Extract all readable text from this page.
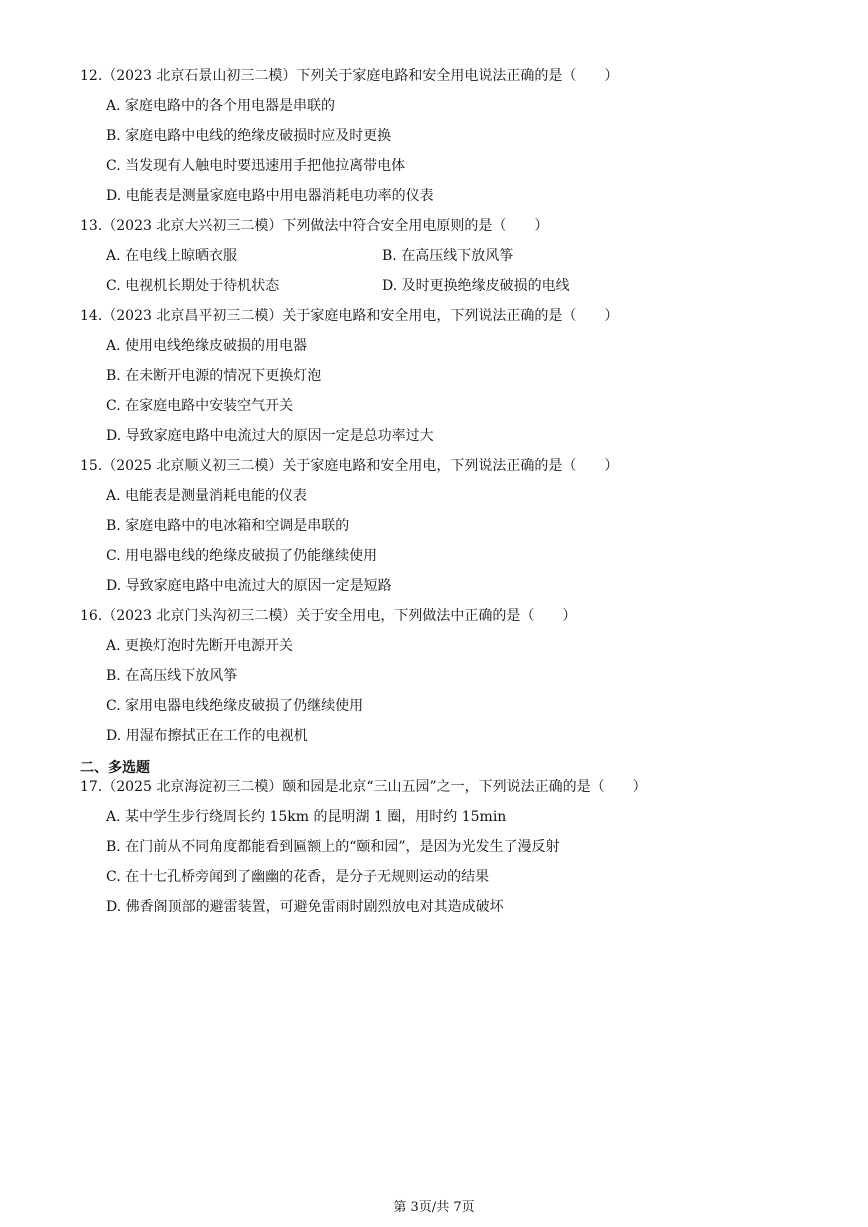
12.（2023 北京石景山初三二模）下列关于家庭电路和安全用电说法正确的是（　　）
A. 家庭电路中的各个用电器是串联的
B. 家庭电路中电线的绝缘皮破损时应及时更换
C. 当发现有人触电时要迅速用手把他拉离带电体
D. 电能表是测量家庭电路中用电器消耗电功率的仪表
13.（2023 北京大兴初三二模）下列做法中符合安全用电原则的是（　　）
A. 在电线上晾晒衣服	B. 在高压线下放风筝
C. 电视机长期处于待机状态	D. 及时更换绝缘皮破损的电线
14.（2023 北京昌平初三二模）关于家庭电路和安全用电，下列说法正确的是（　　）
A. 使用电线绝缘皮破损的用电器
B. 在未断开电源的情况下更换灯泡
C. 在家庭电路中安装空气开关
D. 导致家庭电路中电流过大的原因一定是总功率过大
15.（2025 北京顺义初三二模）关于家庭电路和安全用电，下列说法正确的是（　　）
A. 电能表是测量消耗电能的仪表
B. 家庭电路中的电冰箱和空调是串联的
C. 用电器电线的绝缘皮破损了仍能继续使用
D. 导致家庭电路中电流过大的原因一定是短路
16.（2023 北京门头沟初三二模）关于安全用电，下列做法中正确的是（　　）
A. 更换灯泡时先断开电源开关
B. 在高压线下放风筝
C. 家用电器电线绝缘皮破损了仍继续使用
D. 用湿布擦拭正在工作的电视机
二、多选题
17.（2025 北京海淀初三二模）颐和园是北京“三山五园”之一，下列说法正确的是（　　）
A. 某中学生步行绕周长约 15km 的昆明湖 1 圈，用时约 15min
B. 在门前从不同角度都能看到匾额上的“颐和园”，是因为光发生了漫反射
C. 在十七孔桥旁闻到了幽幽的花香，是分子无规则运动的结果
D. 佛香阁顶部的避雷装置，可避免雷雨时剧烈放电对其造成破坏
第 3页/共 7页
